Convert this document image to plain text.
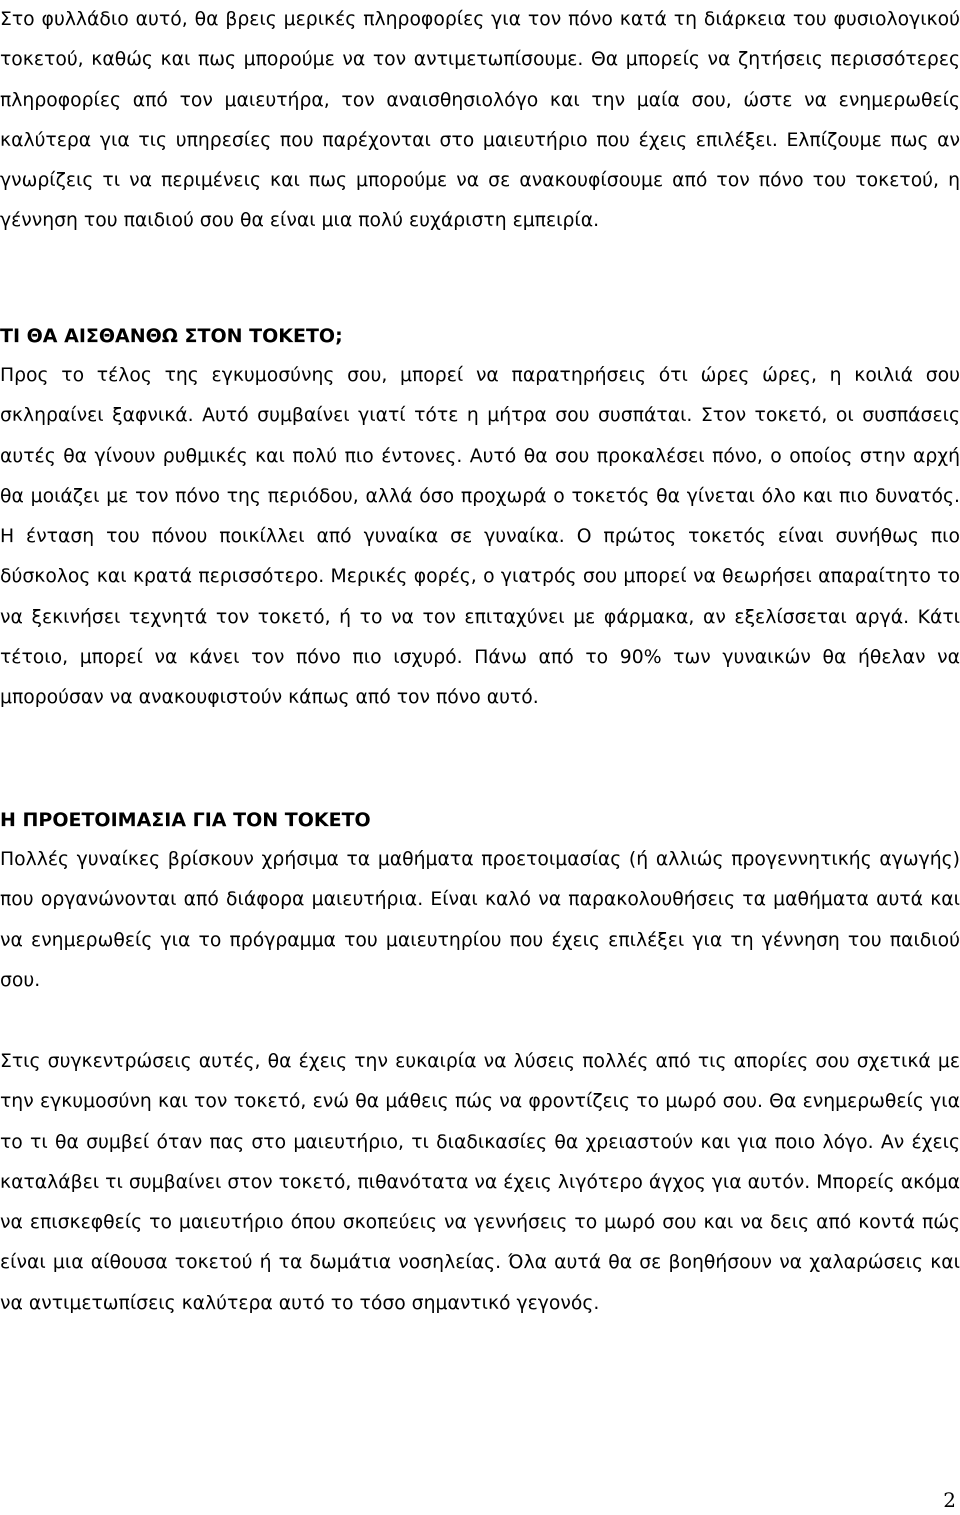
Στο φυλλάδιο αυτό, θα βρεις μερικές πληροφορίες για τον πόνο κατά τη διάρκεια του φυσιολογικού τοκετού, καθώς και πως μπορούμε να τον αντιμετωπίσουμε. Θα μπορείς να ζητήσεις περισσότερες πληροφορίες από τον μαιευτήρα, τον αναισθησιολόγο και την μαία σου, ώστε να ενημερωθείς καλύτερα για τις υπηρεσίες που παρέχονται στο μαιευτήριο που έχεις επιλέξει. Ελπίζουμε πως αν γνωρίζεις τι να περιμένεις και πως μπορούμε να σε ανακουφίσουμε από τον πόνο του τοκετού, η γέννηση του παιδιού σου θα είναι μια πολύ ευχάριστη εμπειρία.

ΤΙ ΘΑ ΑΙΣΘΑΝΘΩ ΣΤΟΝ ΤΟΚΕΤΟ;

Προς το τέλος της εγκυμοσύνης σου, μπορεί να παρατηρήσεις ότι ώρες ώρες, η κοιλιά σου σκληραίνει ξαφνικά. Αυτό συμβαίνει γιατί τότε η μήτρα σου συσπάται. Στον τοκετό, οι συσπάσεις αυτές θα γίνουν ρυθμικές και πολύ πιο έντονες. Αυτό θα σου προκαλέσει πόνο, ο οποίος στην αρχή θα μοιάζει με τον πόνο της περιόδου, αλλά όσο προχωρά ο τοκετός θα γίνεται όλο και πιο δυνατός. Η ένταση του πόνου ποικίλλει από γυναίκα σε γυναίκα. Ο πρώτος τοκετός είναι συνήθως πιο δύσκολος και κρατά περισσότερο. Μερικές φορές, ο γιατρός σου μπορεί να θεωρήσει απαραίτητο το να ξεκινήσει τεχνητά τον τοκετό, ή το να τον επιταχύνει με φάρμακα, αν εξελίσσεται αργά. Κάτι τέτοιο, μπορεί να κάνει τον πόνο πιο ισχυρό. Πάνω από το 90% των γυναικών θα ήθελαν να μπορούσαν να ανακουφιστούν κάπως από τον πόνο αυτό.

Η ΠΡΟΕΤΟΙΜΑΣΙΑ ΓΙΑ ΤΟΝ ΤΟΚΕΤΟ

Πολλές γυναίκες βρίσκουν χρήσιμα τα μαθήματα προετοιμασίας (ή αλλιώς προγεννητικής αγωγής) που οργανώνονται από διάφορα μαιευτήρια. Είναι καλό να παρακολουθήσεις τα μαθήματα αυτά και να ενημερωθείς για το πρόγραμμα του μαιευτηρίου που έχεις επιλέξει για τη γέννηση του παιδιού σου.

Στις συγκεντρώσεις αυτές, θα έχεις την ευκαιρία να λύσεις πολλές από τις απορίες σου σχετικά με την εγκυμοσύνη και τον τοκετό, ενώ θα μάθεις πώς να φροντίζεις το μωρό σου. Θα ενημερωθείς για το τι θα συμβεί όταν πας στο μαιευτήριο, τι διαδικασίες θα χρειαστούν και για ποιο λόγο. Αν έχεις καταλάβει τι συμβαίνει στον τοκετό, πιθανότατα να έχεις λιγότερο άγχος για αυτόν. Μπορείς ακόμα να επισκεφθείς το μαιευτήριο όπου σκοπεύεις να γεννήσεις το μωρό σου και να δεις από κοντά πώς είναι μια αίθουσα τοκετού ή τα δωμάτια νοσηλείας. Όλα αυτά θα σε βοηθήσουν να χαλαρώσεις και να αντιμετωπίσεις καλύτερα αυτό το τόσο σημαντικό γεγονός.

2
